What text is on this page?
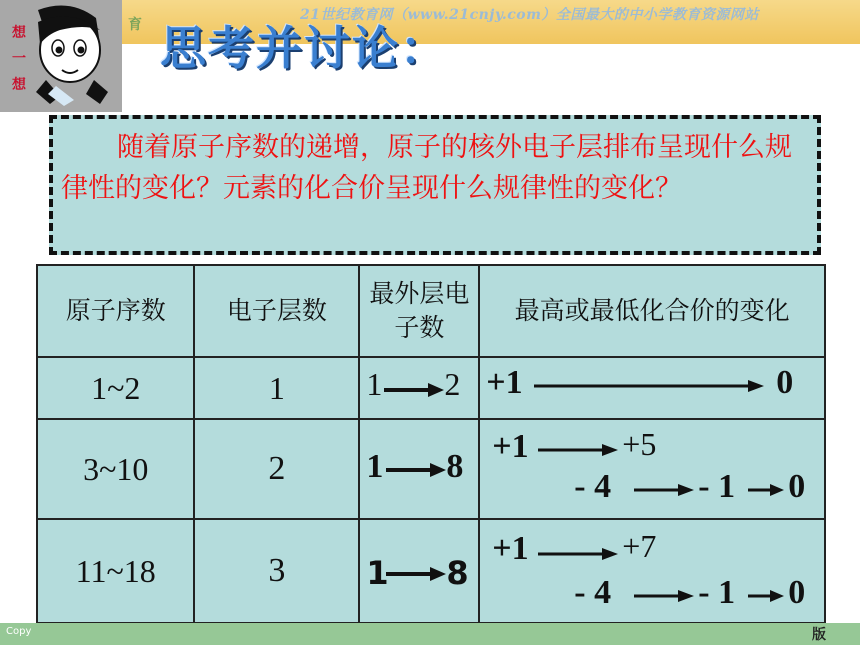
21世纪教育网（www.21cnjy.com）全国最大的中小学教育资源网站
育
想一想
思考并讨论：
随着原子序数的递增，原子的核外电子层排布呈现什么规律性的变化？元素的化合价呈现什么规律性的变化？
原子序数	电子层数	最外层电子数	最高或最低化合价的变化

1~2	1	1 2	+1 0

3~10	2	1 8	+1 +5
- 4 - 1 0

11~18	3	1 8	+1 +7
- 4 - 1 0
Copy	版
